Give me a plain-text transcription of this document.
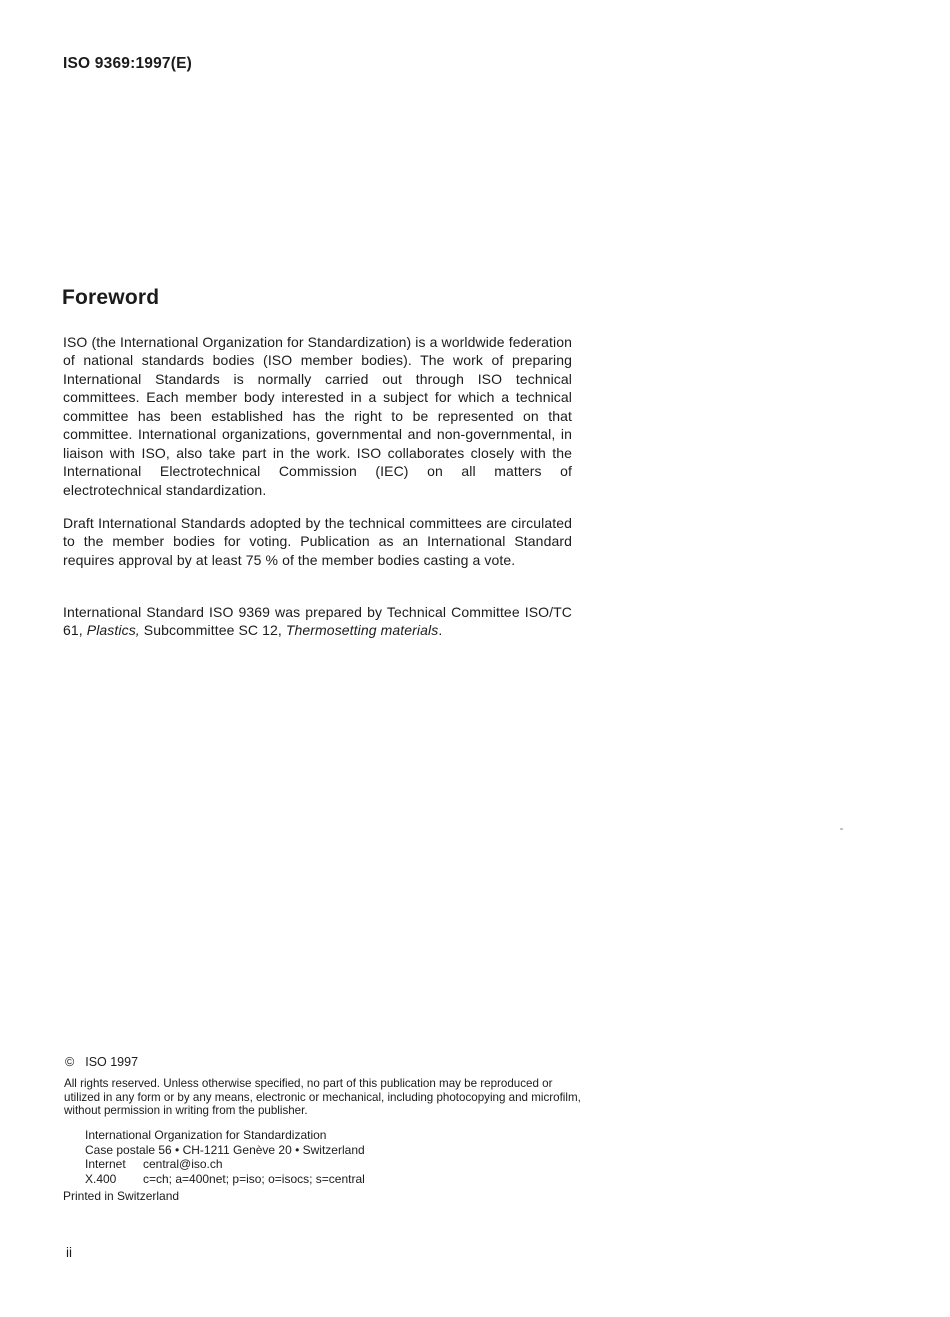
ISO 9369:1997(E)
Foreword

ISO (the International Organization for Standardization) is a worldwide federation of national standards bodies (ISO member bodies). The work of preparing International Standards is normally carried out through ISO technical committees. Each member body interested in a subject for which a technical committee has been established has the right to be represented on that committee. International organizations, governmental and non-governmental, in liaison with ISO, also take part in the work. ISO collaborates closely with the International Electrotechnical Commission (IEC) on all matters of electrotechnical standardization.

Draft International Standards adopted by the technical committees are circulated to the member bodies for voting. Publication as an International Standard requires approval by at least 75 % of the member bodies casting a vote.

International Standard ISO 9369 was prepared by Technical Committee ISO/TC 61, Plastics, Subcommittee SC 12, Thermosetting materials.

© ISO 1997

All rights reserved. Unless otherwise specified, no part of this publication may be reproduced or utilized in any form or by any means, electronic or mechanical, including photocopying and microfilm, without permission in writing from the publisher.

International Organization for Standardization
Case postale 56 • CH-1211 Genève 20 • Switzerland
Internet central@iso.ch
X.400 c=ch; a=400net; p=iso; o=isocs; s=central
Printed in Switzerland
ii
